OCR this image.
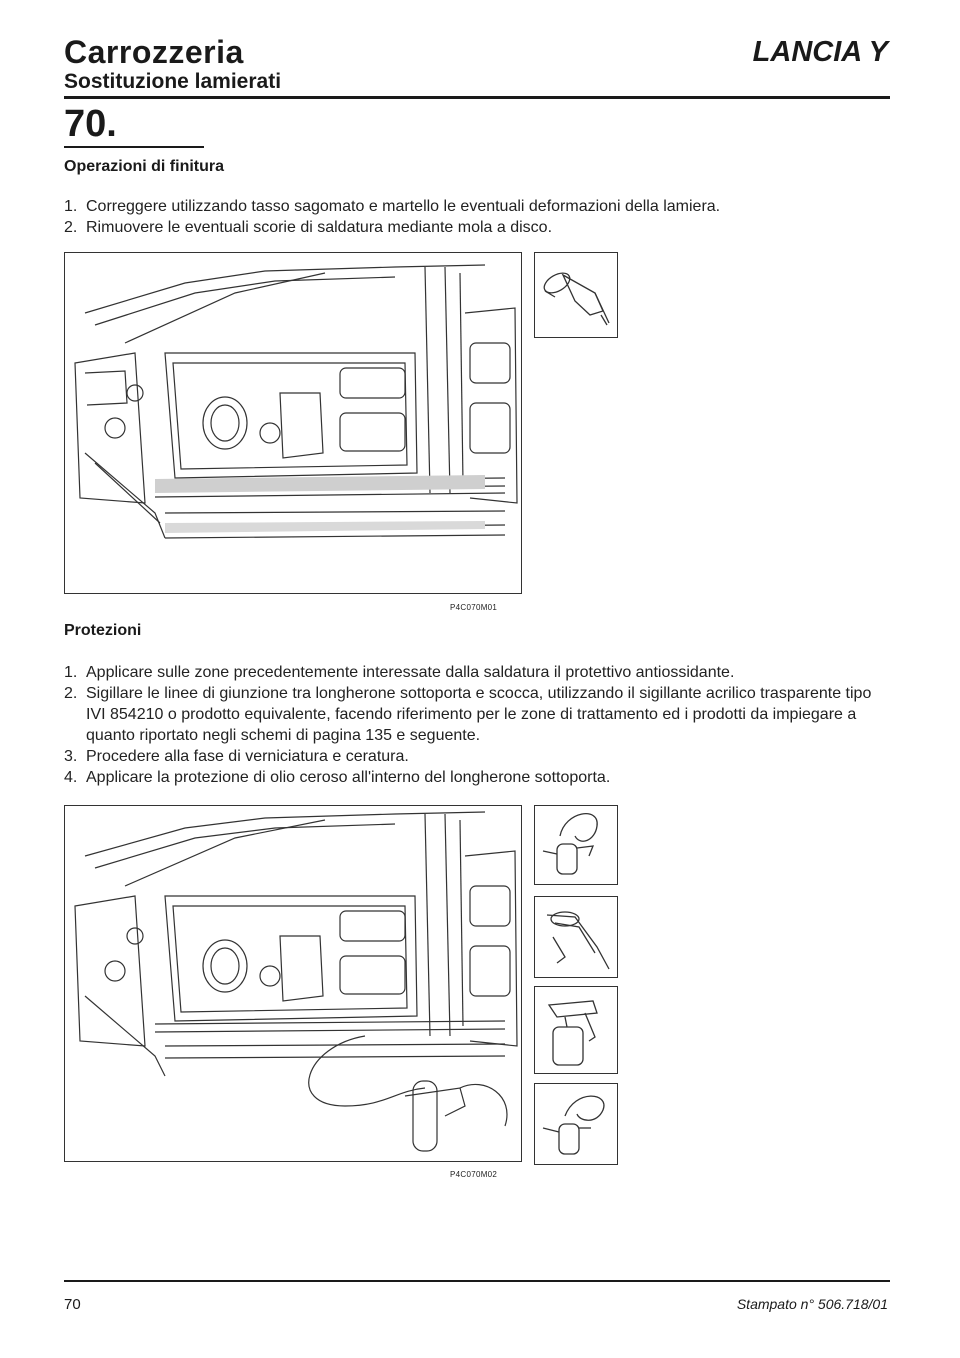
Carrozzeria	LANCIA Y
Sostituzione lamierati
70.
Operazioni di finitura
1. Correggere utilizzando tasso sagomato e martello le eventuali deformazioni della lamiera.
2. Rimuovere le eventuali scorie di saldatura mediante mola a disco.
P4C070M01
Protezioni
1. Applicare sulle zone precedentemente interessate dalla saldatura il protettivo antiossidante.
2. Sigillare le linee di giunzione tra longherone sottoporta e scocca, utilizzando il sigillante acrilico trasparente tipo IVI 854210 o prodotto equivalente, facendo riferimento per le zone di trattamento ed i prodotti da impiegare a quanto riportato negli schemi di pagina 135 e seguente.
3. Procedere alla fase di verniciatura e ceratura.
4. Applicare la protezione di olio ceroso all'interno del longherone sottoporta.
P4C070M02
70	Stampato n° 506.718/01
